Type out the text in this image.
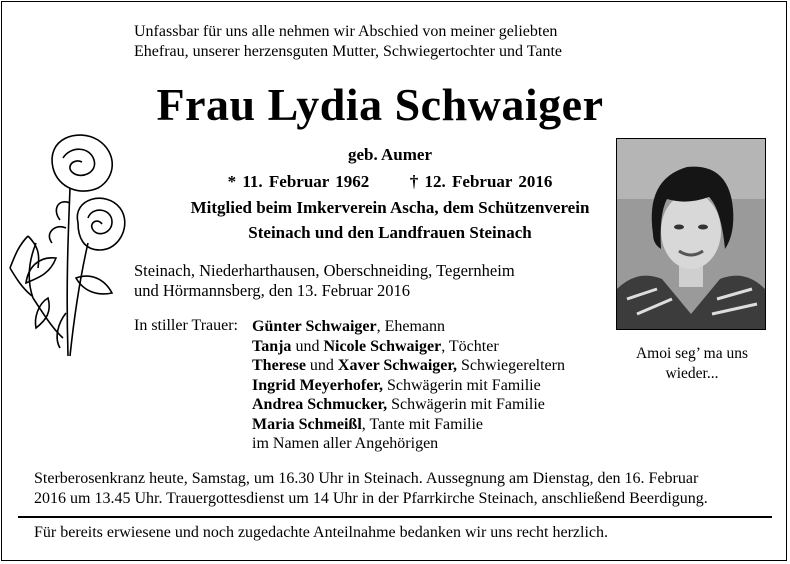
Unfassbar für uns alle nehmen wir Abschied von meiner geliebten
Ehefrau, unserer herzensguten Mutter, Schwiegertochter und Tante
Frau Lydia Schwaiger
geb. Aumer
* 11. Februar 1962 † 12. Februar 2016
Mitglied beim Imkerverein Ascha, dem Schützenverein
Steinach und den Landfrauen Steinach
Steinach, Niederharthausen, Oberschneiding, Tegernheim
und Hörmannsberg, den 13. Februar 2016
In stiller Trauer: Günter Schwaiger, Ehemann
Tanja und Nicole Schwaiger, Töchter
Therese und Xaver Schwaiger, Schwiegereltern
Ingrid Meyerhofer, Schwägerin mit Familie
Andrea Schmucker, Schwägerin mit Familie
Maria Schmeißl, Tante mit Familie
im Namen aller Angehörigen
Amoi seg’ ma uns wieder...
Sterberosenkranz heute, Samstag, um 16.30 Uhr in Steinach. Aussegnung am Dienstag, den 16. Februar
2016 um 13.45 Uhr. Trauergottesdienst um 14 Uhr in der Pfarrkirche Steinach, anschließend Beerdigung.
Für bereits erwiesene und noch zugedachte Anteilnahme bedanken wir uns recht herzlich.
